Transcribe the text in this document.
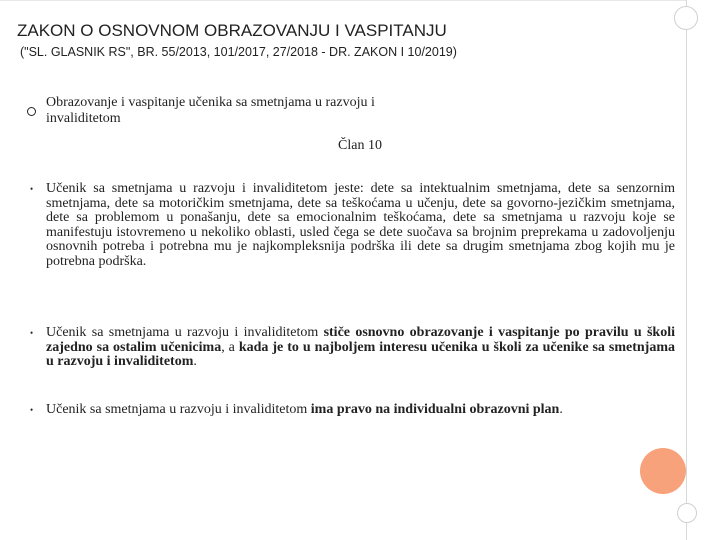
ZAKON O OSNOVNOM OBRAZOVANJU I VASPITANJU

("SL. GLASNIK RS", BR. 55/2013, 101/2017, 27/2018 - DR. ZAKON I 10/2019)

Obrazovanje i vaspitanje učenika sa smetnjama u razvoju i invaliditetom
Član 10
• Učenik sa smetnjama u razvoju i invaliditetom jeste: dete sa intektualnim smetnjama, dete sa senzornim smetnjama, dete sa motoričkim smetnjama, dete sa teškoćama u učenju, dete sa govorno-jezičkim smetnjama, dete sa problemom u ponašanju, dete sa emocionalnim teškoćama, dete sa smetnjama u razvoju koje se manifestuju istovremeno u nekoliko oblasti, usled čega se dete suočava sa brojnim preprekama u zadovoljenju osnovnih potreba i potrebna mu je najkompleksnija podrška ili dete sa drugim smetnjama zbog kojih mu je potrebna podrška.
• Učenik sa smetnjama u razvoju i invaliditetom stiče osnovno obrazovanje i vaspitanje po pravilu u školi zajedno sa ostalim učenicima, a kada je to u najboljem interesu učenika u školi za učenike sa smetnjama u razvoju i invaliditetom.
• Učenik sa smetnjama u razvoju i invaliditetom ima pravo na individualni obrazovni plan.
